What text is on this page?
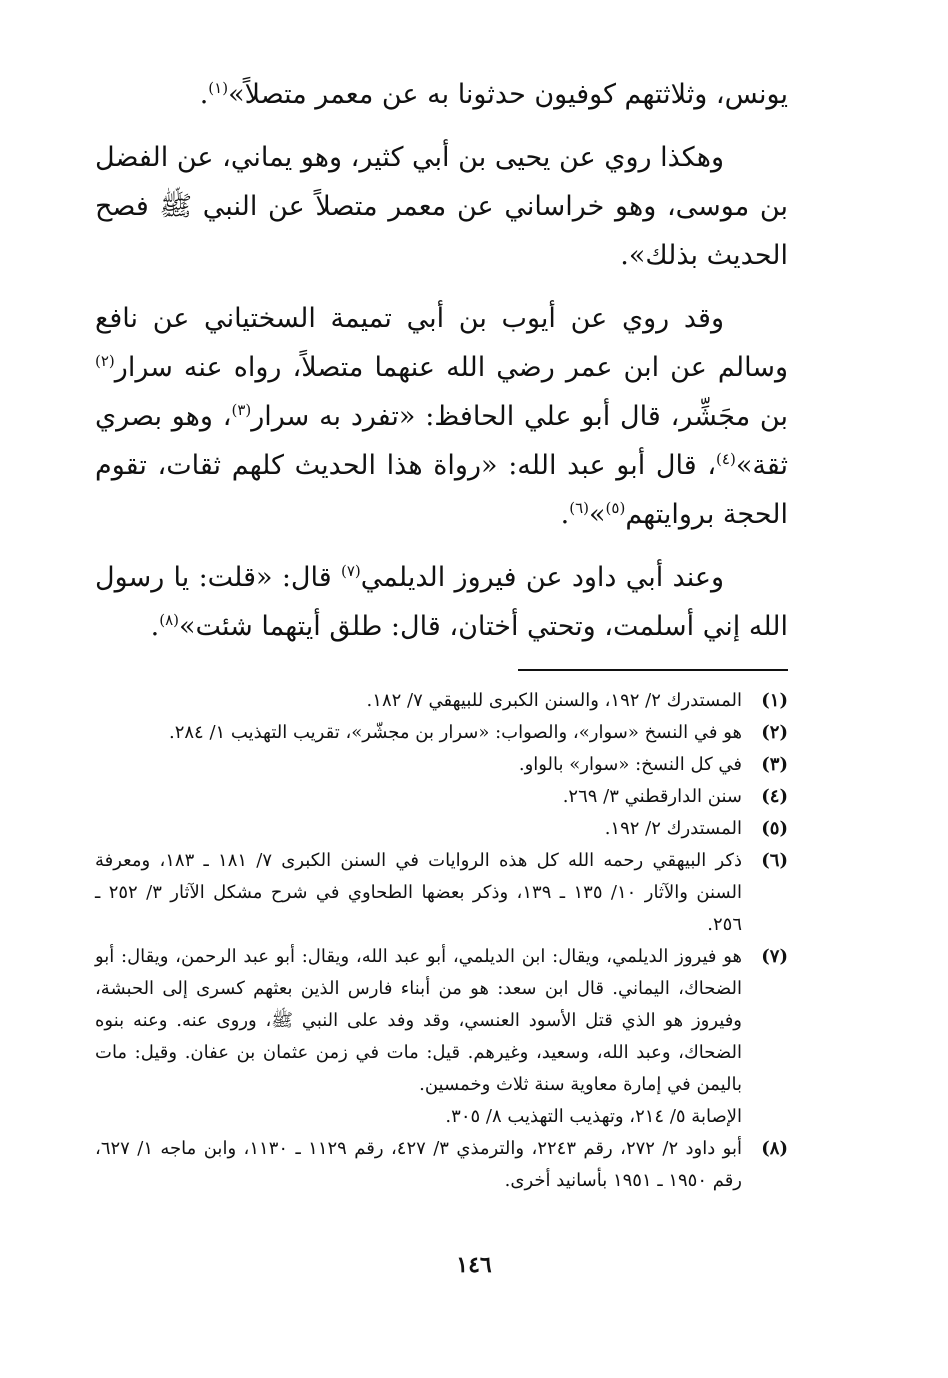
يونس، وثلاثتهم كوفيون حدثونا به عن معمر متصلاً»$^{(١)}$.

وهكذا روي عن يحيى بن أبي كثير، وهو يماني، عن الفضل بن موسى، وهو خراساني عن معمر متصلاً عن النبي ﷺ فصح الحديث بذلك».

وقد روي عن أيوب بن أبي تميمة السختياني عن نافع وسالم عن ابن عمر رضي الله عنهما متصلاً، رواه عنه سرار$^{(٢)}$ بن مجَشِّر، قال أبو علي الحافظ: «تفرد به سرار$^{(٣)}$، وهو بصري ثقة»$^{(٤)}$، قال أبو عبد الله: «رواة هذا الحديث كلهم ثقات، تقوم الحجة بروايتهم$^{(٥)}$»$^{(٦)}$.

وعند أبي داود عن فيروز الديلمي$^{(٧)}$ قال: «قلت: يا رسول الله إني أسلمت، وتحتي أختان، قال: طلق أيتهما شئت»$^{(٨)}$.

(١)
المستدرك ٢/ ١٩٢، والسنن الكبرى للبيهقي ٧/ ١٨٢.
(٢)
هو في النسخ «سوار»، والصواب: «سرار بن مجشّر»، تقريب التهذيب ١/ ٢٨٤.
(٣)
في كل النسخ: «سوار» بالواو.
(٤)
سنن الدارقطني ٣/ ٢٦٩.
(٥)
المستدرك ٢/ ١٩٢.
(٦)
ذكر البيهقي رحمه الله كل هذه الروايات في السنن الكبرى ٧/ ١٨١ ـ ١٨٣، ومعرفة السنن والآثار ١٠/ ١٣٥ ـ ١٣٩، وذكر بعضها الطحاوي في شرح مشكل الآثار ٣/ ٢٥٢ ـ ٢٥٦.
(٧)
هو فيروز الديلمي، ويقال: ابن الديلمي، أبو عبد الله، ويقال: أبو عبد الرحمن، ويقال: أبو الضحاك، اليماني. قال ابن سعد: هو من أبناء فارس الذين بعثهم كسرى إلى الحبشة، وفيروز هو الذي قتل الأسود العنسي، وقد وفد على النبي ﷺ، وروى عنه. وعنه بنوه الضحاك، وعبد الله، وسعيد، وغيرهم. قيل: مات في زمن عثمان بن عفان. وقيل: مات باليمن في إمارة معاوية سنة ثلاث وخمسين.
الإصابة ٥/ ٢١٤، وتهذيب التهذيب ٨/ ٣٠٥.
(٨)
أبو داود ٢/ ٢٧٢، رقم ٢٢٤٣، والترمذي ٣/ ٤٢٧، رقم ١١٢٩ ـ ١١٣٠، وابن ماجه ١/ ٦٢٧، رقم ١٩٥٠ ـ ١٩٥١ بأسانيد أخرى.
١٤٦
